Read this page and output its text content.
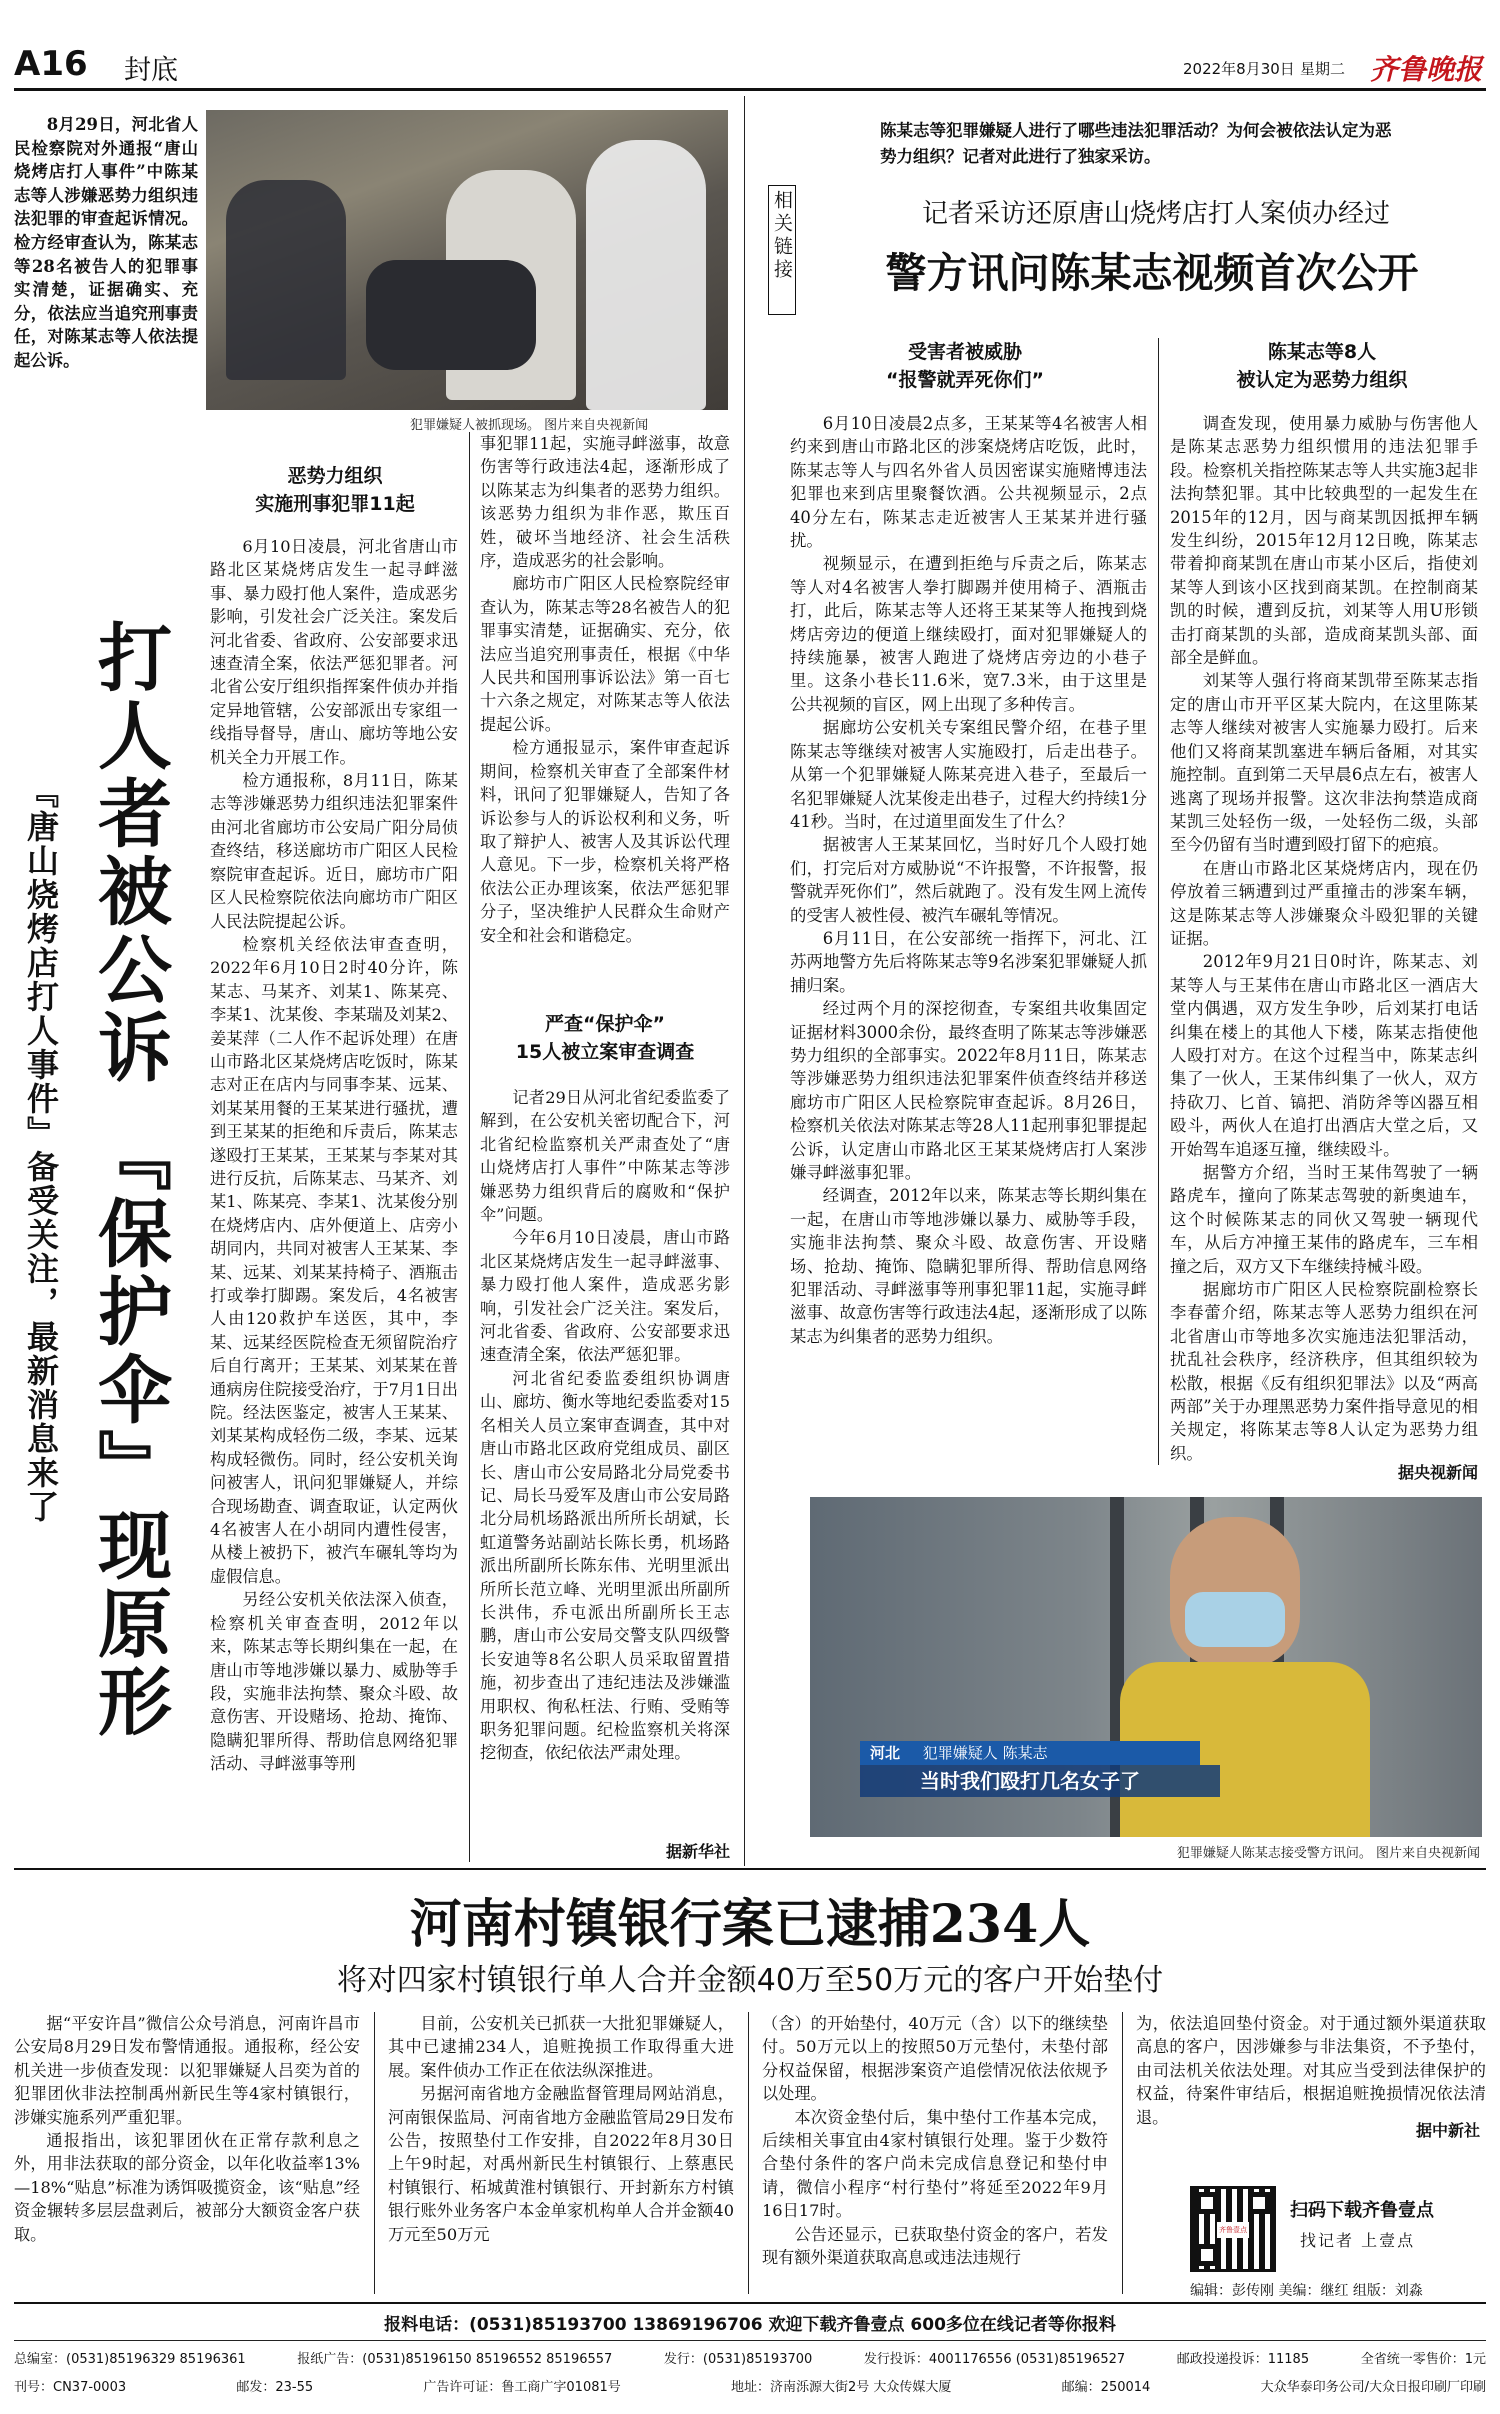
A16 封底	2022年8月30日 星期二 齐鲁晚报

8月29日，河北省人民检察院对外通报“唐山烧烤店打人事件”中陈某志等人涉嫌恶势力组织违法犯罪的审查起诉情况。检方经审查认为，陈某志等28名被告人的犯罪事实清楚，证据确实、充分，依法应当追究刑事责任，对陈某志等人依法提起公诉。

犯罪嫌疑人被抓现场。 图片来自央视新闻
『唐山烧烤店打人事件』备受关注，最新消息来了 打人者被公诉 『保护伞』现原形
恶势力组织
实施刑事犯罪11起

6月10日凌晨，河北省唐山市路北区某烧烤店发生一起寻衅滋事、暴力殴打他人案件，造成恶劣影响，引发社会广泛关注。案发后河北省委、省政府、公安部要求迅速查清全案，依法严惩犯罪者。河北省公安厅组织指挥案件侦办并指定异地管辖，公安部派出专家组一线指导督导，唐山、廊坊等地公安机关全力开展工作。

检方通报称，8月11日，陈某志等涉嫌恶势力组织违法犯罪案件由河北省廊坊市公安局广阳分局侦查终结，移送廊坊市广阳区人民检察院审查起诉。近日，廊坊市广阳区人民检察院依法向廊坊市广阳区人民法院提起公诉。

检察机关经依法审查查明，2022年6月10日2时40分许，陈某志、马某齐、刘某1、陈某亮、李某1、沈某俊、李某瑞及刘某2、姜某萍（二人作不起诉处理）在唐山市路北区某烧烤店吃饭时，陈某志对正在店内与同事李某、远某、刘某某用餐的王某某进行骚扰，遭到王某某的拒绝和斥责后，陈某志遂殴打王某某，王某某与李某对其进行反抗，后陈某志、马某齐、刘某1、陈某亮、李某1、沈某俊分别在烧烤店内、店外便道上、店旁小胡同内，共同对被害人王某某、李某、远某、刘某某持椅子、酒瓶击打或拳打脚踢。案发后，4名被害人由120救护车送医，其中，李某、远某经医院检查无须留院治疗后自行离开；王某某、刘某某在普通病房住院接受治疗，于7月1日出院。经法医鉴定，被害人王某某、刘某某构成轻伤二级，李某、远某构成轻微伤。同时，经公安机关询问被害人，讯问犯罪嫌疑人，并综合现场勘查、调查取证，认定两伙4名被害人在小胡同内遭性侵害，从楼上被扔下，被汽车碾轧等均为虚假信息。

另经公安机关依法深入侦查，检察机关审查查明，2012年以来，陈某志等长期纠集在一起，在唐山市等地涉嫌以暴力、威胁等手段，实施非法拘禁、聚众斗殴、故意伤害、开设赌场、抢劫、掩饰、隐瞒犯罪所得、帮助信息网络犯罪活动、寻衅滋事等刑

事犯罪11起，实施寻衅滋事，故意伤害等行政违法4起，逐渐形成了以陈某志为纠集者的恶势力组织。该恶势力组织为非作恶，欺压百姓，破坏当地经济、社会生活秩序，造成恶劣的社会影响。

廊坊市广阳区人民检察院经审查认为，陈某志等28名被告人的犯罪事实清楚，证据确实、充分，依法应当追究刑事责任，根据《中华人民共和国刑事诉讼法》第一百七十六条之规定，对陈某志等人依法提起公诉。

检方通报显示，案件审查起诉期间，检察机关审查了全部案件材料，讯问了犯罪嫌疑人，告知了各诉讼参与人的诉讼权利和义务，听取了辩护人、被害人及其诉讼代理人意见。下一步，检察机关将严格依法公正办理该案，依法严惩犯罪分子，坚决维护人民群众生命财产安全和社会和谐稳定。

严查“保护伞”
15人被立案审查调查

记者29日从河北省纪委监委了解到，在公安机关密切配合下，河北省纪检监察机关严肃查处了“唐山烧烤店打人事件”中陈某志等涉嫌恶势力组织背后的腐败和“保护伞”问题。

今年6月10日凌晨，唐山市路北区某烧烤店发生一起寻衅滋事、暴力殴打他人案件，造成恶劣影响，引发社会广泛关注。案发后，河北省委、省政府、公安部要求迅速查清全案，依法严惩犯罪。

河北省纪委监委组织协调唐山、廊坊、衡水等地纪委监委对15名相关人员立案审查调查，其中对唐山市路北区政府党组成员、副区长、唐山市公安局路北分局党委书记、局长马爱军及唐山市公安局路北分局机场路派出所所长胡斌，长虹道警务站副站长陈长勇，机场路派出所副所长陈东伟、光明里派出所所长范立峰、光明里派出所副所长洪伟，乔屯派出所副所长王志鹏，唐山市公安局交警支队四级警长安迪等8名公职人员采取留置措施，初步查出了违纪违法及涉嫌滥用职权、徇私枉法、行贿、受贿等职务犯罪问题。纪检监察机关将深挖彻查，依纪依法严肃处理。

据新华社
陈某志等犯罪嫌疑人进行了哪些违法犯罪活动？为何会被依法认定为恶势力组织？记者对此进行了独家采访。
相关链接	记者采访还原唐山烧烤店打人案侦办经过
警方讯问陈某志视频首次公开
受害者被威胁
“报警就弄死你们”
陈某志等8人
被认定为恶势力组织

6月10日凌晨2点多，王某某等4名被害人相约来到唐山市路北区的涉案烧烤店吃饭，此时，陈某志等人与四名外省人员因密谋实施赌博违法犯罪也来到店里聚餐饮酒。公共视频显示，2点40分左右，陈某志走近被害人王某某并进行骚扰。

视频显示，在遭到拒绝与斥责之后，陈某志等人对4名被害人拳打脚踢并使用椅子、酒瓶击打，此后，陈某志等人还将王某某等人拖拽到烧烤店旁边的便道上继续殴打，面对犯罪嫌疑人的持续施暴，被害人跑进了烧烤店旁边的小巷子里。这条小巷长11.6米，宽7.3米，由于这里是公共视频的盲区，网上出现了多种传言。

据廊坊公安机关专案组民警介绍，在巷子里陈某志等继续对被害人实施殴打，后走出巷子。从第一个犯罪嫌疑人陈某亮进入巷子，至最后一名犯罪嫌疑人沈某俊走出巷子，过程大约持续1分41秒。当时，在过道里面发生了什么？

据被害人王某某回忆，当时好几个人殴打她们，打完后对方威胁说“不许报警，不许报警，报警就弄死你们”，然后就跑了。没有发生网上流传的受害人被性侵、被汽车碾轧等情况。

6月11日，在公安部统一指挥下，河北、江苏两地警方先后将陈某志等9名涉案犯罪嫌疑人抓捕归案。

经过两个月的深挖彻查，专案组共收集固定证据材料3000余份，最终查明了陈某志等涉嫌恶势力组织的全部事实。2022年8月11日，陈某志等涉嫌恶势力组织违法犯罪案件侦查终结并移送廊坊市广阳区人民检察院审查起诉。8月26日，检察机关依法对陈某志等28人11起刑事犯罪提起公诉，认定唐山市路北区王某某烧烤店打人案涉嫌寻衅滋事犯罪。

经调查，2012年以来，陈某志等长期纠集在一起，在唐山市等地涉嫌以暴力、威胁等手段，实施非法拘禁、聚众斗殴、故意伤害、开设赌场、抢劫、掩饰、隐瞒犯罪所得、帮助信息网络犯罪活动、寻衅滋事等刑事犯罪11起，实施寻衅滋事、故意伤害等行政违法4起，逐渐形成了以陈某志为纠集者的恶势力组织。

调查发现，使用暴力威胁与伤害他人是陈某志恶势力组织惯用的违法犯罪手段。检察机关指控陈某志等人共实施3起非法拘禁犯罪。其中比较典型的一起发生在2015年的12月，因与商某凯因抵押车辆发生纠纷，2015年12月12日晚，陈某志带着抑商某凯在唐山市某小区后，指使刘某等人到该小区找到商某凯。在控制商某凯的时候，遭到反抗，刘某等人用U形锁击打商某凯的头部，造成商某凯头部、面部全是鲜血。

刘某等人强行将商某凯带至陈某志指定的唐山市开平区某大院内，在这里陈某志等人继续对被害人实施暴力殴打。后来他们又将商某凯塞进车辆后备厢，对其实施控制。直到第二天早晨6点左右，被害人逃离了现场并报警。这次非法拘禁造成商某凯三处轻伤一级，一处轻伤二级，头部至今仍留有当时遭到殴打留下的疤痕。

在唐山市路北区某烧烤店内，现在仍停放着三辆遭到过严重撞击的涉案车辆，这是陈某志等人涉嫌聚众斗殴犯罪的关键证据。

2012年9月21日0时许，陈某志、刘某等人与王某伟在唐山市路北区一酒店大堂内偶遇，双方发生争吵，后刘某打电话纠集在楼上的其他人下楼，陈某志指使他人殴打对方。在这个过程当中，陈某志纠集了一伙人，王某伟纠集了一伙人，双方持砍刀、匕首、镐把、消防斧等凶器互相殴斗，两伙人在追打出酒店大堂之后，又开始驾车追逐互撞，继续殴斗。

据警方介绍，当时王某伟驾驶了一辆路虎车，撞向了陈某志驾驶的新奥迪车，这个时候陈某志的同伙又驾驶一辆现代车，从后方冲撞王某伟的路虎车，三车相撞之后，双方又下车继续持械斗殴。

据廊坊市广阳区人民检察院副检察长李春蕾介绍，陈某志等人恶势力组织在河北省唐山市等地多次实施违法犯罪活动，扰乱社会秩序，经济秩序，但其组织较为松散，根据《反有组织犯罪法》以及“两高两部”关于办理黑恶势力案件指导意见的相关规定，将陈某志等8人认定为恶势力组织。

据央视新闻
河北 犯罪嫌疑人 陈某志
当时我们殴打几名女子了
犯罪嫌疑人陈某志接受警方讯问。 图片来自央视新闻
河南村镇银行案已逮捕234人
将对四家村镇银行单人合并金额40万至50万元的客户开始垫付

据“平安许昌”微信公众号消息，河南许昌市公安局8月29日发布警情通报。通报称，经公安机关进一步侦查发现：以犯罪嫌疑人吕奕为首的犯罪团伙非法控制禹州新民生等4家村镇银行，涉嫌实施系列严重犯罪。

通报指出，该犯罪团伙在正常存款利息之外，用非法获取的部分资金，以年化收益率13%—18%“贴息”标准为诱饵吸揽资金，该“贴息”经资金辗转多层层盘剥后，被部分大额资金客户获取。

目前，公安机关已抓获一大批犯罪嫌疑人，其中已逮捕234人，追赃挽损工作取得重大进展。案件侦办工作正在依法纵深推进。

另据河南省地方金融监督管理局网站消息，河南银保监局、河南省地方金融监管局29日发布公告，按照垫付工作安排，自2022年8月30日上午9时起，对禹州新民生村镇银行、上蔡惠民村镇银行、柘城黄淮村镇银行、开封新东方村镇银行账外业务客户本金单家机构单人合并金额40万元至50万元

（含）的开始垫付，40万元（含）以下的继续垫付。50万元以上的按照50万元垫付，未垫付部分权益保留，根据涉案资产追偿情况依法依规予以处理。

本次资金垫付后，集中垫付工作基本完成，后续相关事宜由4家村镇银行处理。鉴于少数符合垫付条件的客户尚未完成信息登记和垫付申请，微信小程序“村行垫付”将延至2022年9月16日17时。

公告还显示，已获取垫付资金的客户，若发现有额外渠道获取高息或违法违规行

为，依法追回垫付资金。对于通过额外渠道获取高息的客户，因涉嫌参与非法集资，不予垫付，由司法机关依法处理。对其应当受到法律保护的权益，待案件审结后，根据追赃挽损情况依法清退。

据中新社
齐鲁壹点
扫码下载齐鲁壹点
找记者 上壹点
编辑：彭传刚 美编：继红 组版：刘淼
报料电话：(0531)85193700 13869196706 欢迎下载齐鲁壹点 600多位在线记者等你报料
总编室：(0531)85196329 85196361	报纸广告：(0531)85196150 85196552 85196557	发行：(0531)85193700	发行投诉：4001176556 (0531)85196527	邮政投递投诉：11185	全省统一零售价：1元
刊号：CN37-0003	邮发：23-55	广告许可证：鲁工商广字01081号	地址：济南泺源大街2号 大众传媒大厦	邮编：250014	大众华泰印务公司/大众日报印刷厂印刷
